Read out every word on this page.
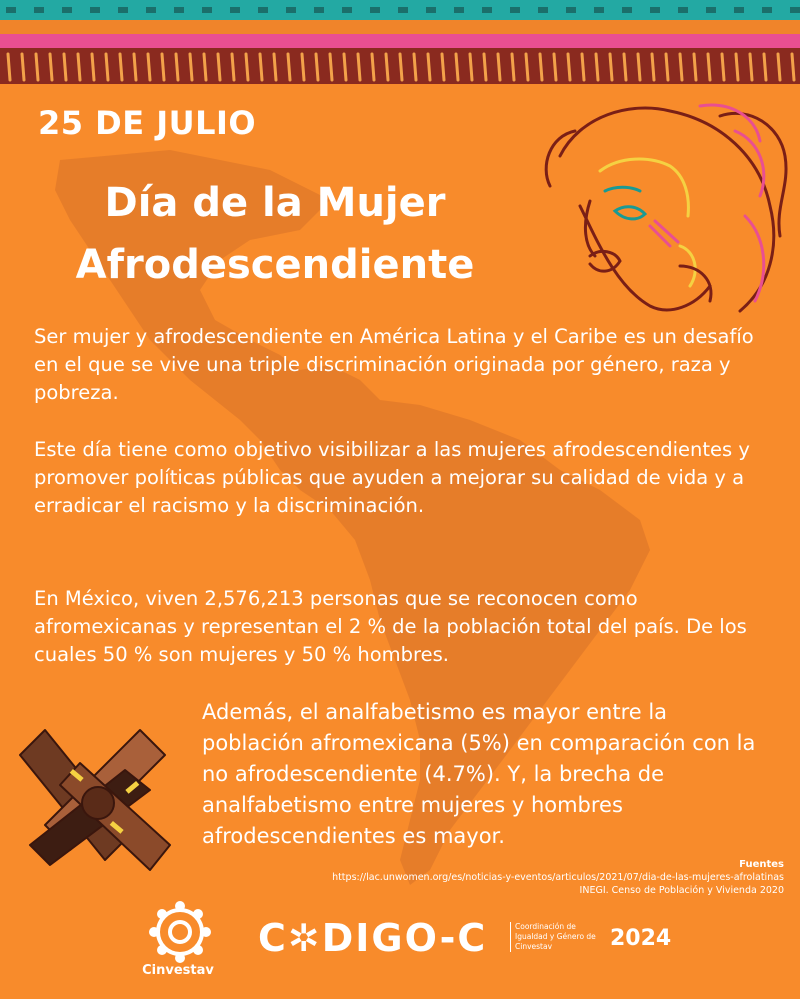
25 DE JULIO
Día de la Mujer
Afrodescendiente
Ser mujer y afrodescendiente en América Latina y el Caribe es un desafío en el que se vive una triple discriminación originada por género, raza y pobreza.
Este día tiene como objetivo visibilizar a las mujeres afrodescendientes y promover políticas públicas que ayuden a mejorar su calidad de vida y a erradicar el racismo y la discriminación.
En México, viven 2,576,213 personas que se reconocen como afromexicanas y representan el 2 % de la población total del país. De los cuales 50 % son mujeres y 50 % hombres.
Además, el analfabetismo es mayor entre la población afromexicana (5%) en comparación con la no afrodescendiente (4.7%). Y, la brecha de analfabetismo entre mujeres y hombres afrodescendientes es mayor.
Fuentes
https://lac.unwomen.org/es/noticias-y-eventos/articulos/2021/07/dia-de-las-mujeres-afrolatinas
INEGI. Censo de Población y Vivienda 2020
Cinvestav
C✲DIGO-C	Coordinación de Igualdad y Género de Cinvestav	2024
